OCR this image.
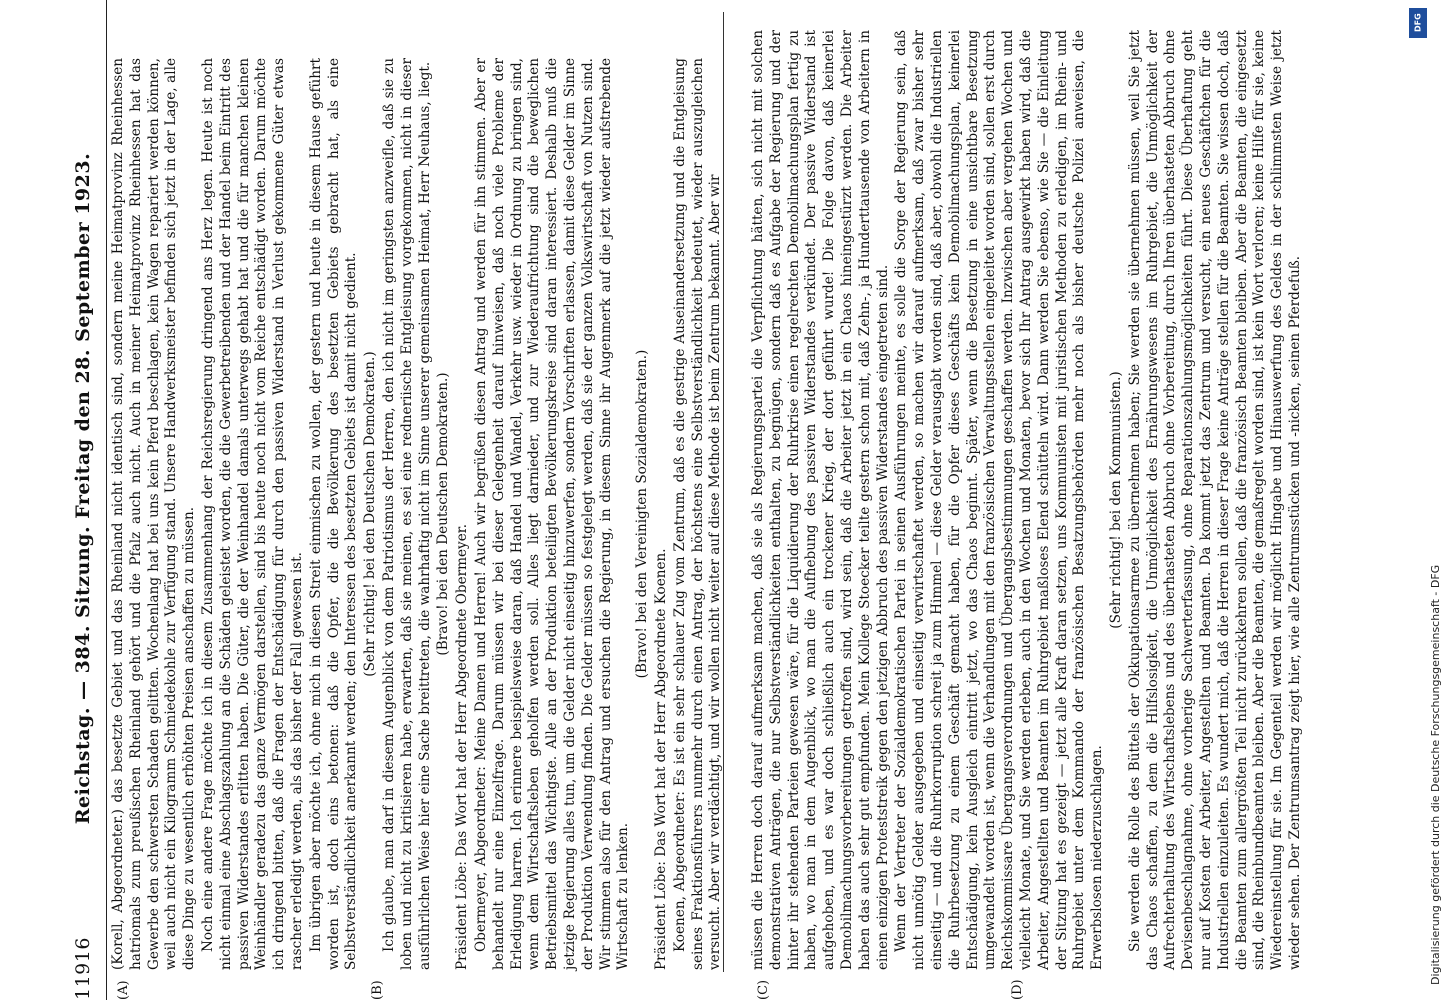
11916
Reichstag. — 384. Sitzung. Freitag den 28. September 1923.
(A)	(B)	(C)	(D)

(Korell, Abgeordneter.) das besetzte Gebiet und das Rheinland nicht identisch sind, sondern meine Heimatprovinz Rheinhessen hatriomals zum preußischen Rheinland gehört und die Pfalz auch nicht. Auch in meiner Heimatprovinz Rheinhessen hat das Gewerbe den schwersten Schaden gelitten. Wochenlang hat bei uns kein Pferd beschlagen, kein Wagen repariert werden können, weil auch nicht ein Kilogramm Schmiedekohle zur Verfügung stand. Unsere Handwerksmeister befinden sich jetzt in der Lage, alle diese Dinge zu wesentlich erhöhten Preisen anschaffen zu müssen. Noch eine andere Frage möchte ich in diesem Zusammenhang der Reichsregierung dringend ans Herz legen. Heute ist noch nicht einmal eine Abschlagszahlung an die Schäden geleistet worden, die die Gewerbetreibenden und der Handel beim Eintritt des passiven Widerstandes erlitten haben. Die Güter, die der Weinhandel damals unterwegs gehabt hat und die für manchen kleinen Weinhändler geradezu das ganze Vermögen darstellen, sind bis heute noch nicht vom Reiche entschädigt worden. Darum möchte ich dringend bitten, daß die Fragen der Entschädigung für durch den passiven Widerstand in Verlust gekommene Güter etwas rascher erledigt werden, als das bisher der Fall gewesen ist. Im übrigen aber möchte ich, ohne mich in diesen Streit einmischen zu wollen, der gestern und heute in diesem Hause geführt worden ist, doch eins betonen: daß die Opfer, die die Bevölkerung des besetzten Gebiets gebracht hat, als eine Selbstverständlichkeit anerkannt werden; den Interessen des besetzten Gebiets ist damit nicht gedient. (Sehr richtig! bei den Deutschen Demokraten.) Ich glaube, man darf in diesem Augenblick von dem Patriotismus der Herren, den ich nicht im geringsten anzweifle, daß sie zu loben und nicht zu kritisieren habe, erwarten, daß sie meinen, es sei eine redneriische Entgleisung vorgekommen, nicht in dieser ausführlichen Weise hier eine Sache breittreten, die wahrhaftig nicht im Sinne unserer gemeinsamen Heimat, Herr Neuhaus, liegt. (Bravo! bei den Deutschen Demokraten.)

Präsident Löbe: Das Wort hat der Herr Abgeordnete Obermeyer. Obermeyer, Abgeordneter: Meine Damen und Herren! Auch wir begrüßen diesen Antrag und werden für ihn stimmen. Aber er behandelt nur eine Einzelfrage. Darum müssen wir bei dieser Gelegenheit darauf hinweisen, daß noch viele Probleme der Erledigung harren. Ich erinnere beispielsweise daran, daß Handel und Wandel, Verkehr usw. wieder in Ordnung zu bringen sind, wenn dem Wirtschaftsleben geholfen werden soll. Alles liegt darnieder, und zur Wiederaufrichtung sind die beweglichen Betriebsmittel das Wichtigste. Alle an der Produktion beteiligten Bevölkerungskreise sind daran interessiert. Deshalb muß die jetzige Regierung alles tun, um die Gelder nicht einseitig hinzuwerfen, sondern Vorschriften erlassen, damit diese Gelder im Sinne der Produktion Verwendung finden. Die Gelder müssen so festgelegt werden, daß sie der ganzen Volkswirtschaft von Nutzen sind. Wir stimmen also für den Antrag und ersuchen die Regierung, in diesem Sinne ihr Augenmerk auf die jetzt wieder aufstrebende Wirtschaft zu lenken.

(Bravo! bei den Vereinigten Sozialdemokraten.)

Präsident Löbe: Das Wort hat der Herr Abgeordnete Koenen. Koenen, Abgeordneter: Es ist ein sehr schlauer Zug vom Zentrum, daß es die gestrige Auseinandersetzung und die Entgleisung seines Fraktionsführers nunmehr durch einen Antrag, der höchstens eine Selbstverständlichkeit bedeutet, wieder auszugleichen versucht. Aber wir verdächtigt, und wir wollen nicht weiter auf diese Methode ist beim Zentrum bekannt. Aber wir müssen die Herren doch darauf aufmerksam machen, daß sie als Regierungspartei die Verpflichtung hätten, sich nicht mit solchen demonstrativen Anträgen, die nur Selbstverständlichkeiten enthalten, zu begnügen, sondern daß es Aufgabe der Regierung und der hinter ihr stehenden Parteien gewesen wäre, für die Liquidierung der Ruhrkrise einen regelrechten Demobilmachungsplan fertig zu haben, wo man in dem Augenblick, wo man die Aufhebung des passiven Widerstandes verkündet. Der passive Widerstand ist aufgehoben, und es war doch schließlich auch ein trockener Krieg, der dort geführt wurde! Die Folge davon, daß keinerlei Demobilmachungsvorbereitungen getroffen sind, wird sein, daß die Arbeiter jetzt in ein Chaos hineingestürzt werden. Die Arbeiter haben das auch sehr gut empfunden. Mein Kollege Stoecker teilte gestern schon mit, daß Zehn-, ja Hunderttausende von Arbeitern in einen einzigen Proteststreik gegen den jetzigen Abbruch des passiven Widerstandes eingetreten sind. Wenn der Vertreter der Sozialdemokratischen Partei in seinen Ausführungen meinte, es solle die Sorge der Regierung sein, daß nicht unnötig Gelder ausgegeben und einseitig verwirtschaftet werden, so machen wir darauf aufmerksam, daß zwar bisher sehr einseitig — und die Ruhrkorruption schreit ja zum Himmel — diese Gelder verausgabt worden sind, daß aber, obwohl die Industriellen die Ruhrbesetzung zu einem Geschäft gemacht haben, für die Opfer dieses Geschäfts kein Demobilmachungsplan, keinerlei Entschädigung, kein Ausgleich eintritt jetzt, wo das Chaos beginnt. Später, wenn die Besetzung in eine unsichtbare Besetzung umgewandelt worden ist, wenn die Verhandlungen mit den französischen Verwaltungsstellen eingeleitet worden sind, sollen erst durch Reichskommissare Übergangsverordnungen und Übergangsbestimmungen geschaffen werden. Inzwischen aber vergehen Wochen und vielleicht Monate, und Sie werden erleben, auch in den Wochen und Monaten, bevor sich Ihr Antrag ausgewirkt haben wird, daß die Arbeiter, Angestellten und Beamten im Ruhrgebiet maßloses Elend schütteln wird. Dann werden Sie ebenso, wie Sie — die Einleitung der Sitzung hat es gezeigt — jetzt alle Kraft daran setzen, uns Kommunisten mit juristischen Methoden zu erledigen, im Rhein- und Ruhrgebiet unter dem Kommando der französischen Besatzungsbehörden mehr noch als bisher deutsche Polizei anweisen, die Erwerbslosen niederzuschlagen.

(Sehr richtig! bei den Kommunisten.) Sie werden die Rolle des Büttels der Okkupationsarmee zu übernehmen haben; Sie werden sie übernehmen müssen, weil Sie jetzt das Chaos schaffen, zu dem die Hilfslosigkeit, die Unmöglichkeit des Ernährungswesens im Ruhrgebiet, die Unmöglichkeit der Aufrechterhaltung des Wirtschaftslebens und des überhasteten Abbruch ohne Vorbereitung, durch Ihren überhasteten Abbruch ohne Devisenbeschlagnahme, ohne vorherige Sachwerterfassung, ohne Reparationszahlungsmöglichkeiten führt. Diese Überhaftung geht nur auf Kosten der Arbeiter, Angestellten und Beamten. Da kommt jetzt das Zentrum und versucht, ein neues Geschäftchen für die Industriellen einzuleiten. Es wundert mich, daß die Herren in dieser Frage keine Anträge stellen für die Beamten. Sie wissen doch, daß die Beamten zum allergrößten Teil nicht zurückkehren sollen, daß die französisch Beamten bleiben. Aber die Beamten, die eingesetzt sind, die Rheinbundbeamten bleiben. Aber die Beamten, die gemaßregelt worden sind, ist kein Wort verloren; keine Hilfe für sie, keine Wiedereinstellung für sie. Im Gegenteil werden wir möglicht Hingabe und Hinauswerfung des Geldes in der schlimmsten Weise jetzt wieder sehen. Der Zentrumsantrag zeigt hier, wie alle Zentrumsstücken und -nicken, seinen Pferdefuß.

DFG
Digitalisierung gefördert durch die Deutsche Forschungsgemeinschaft - DFG
